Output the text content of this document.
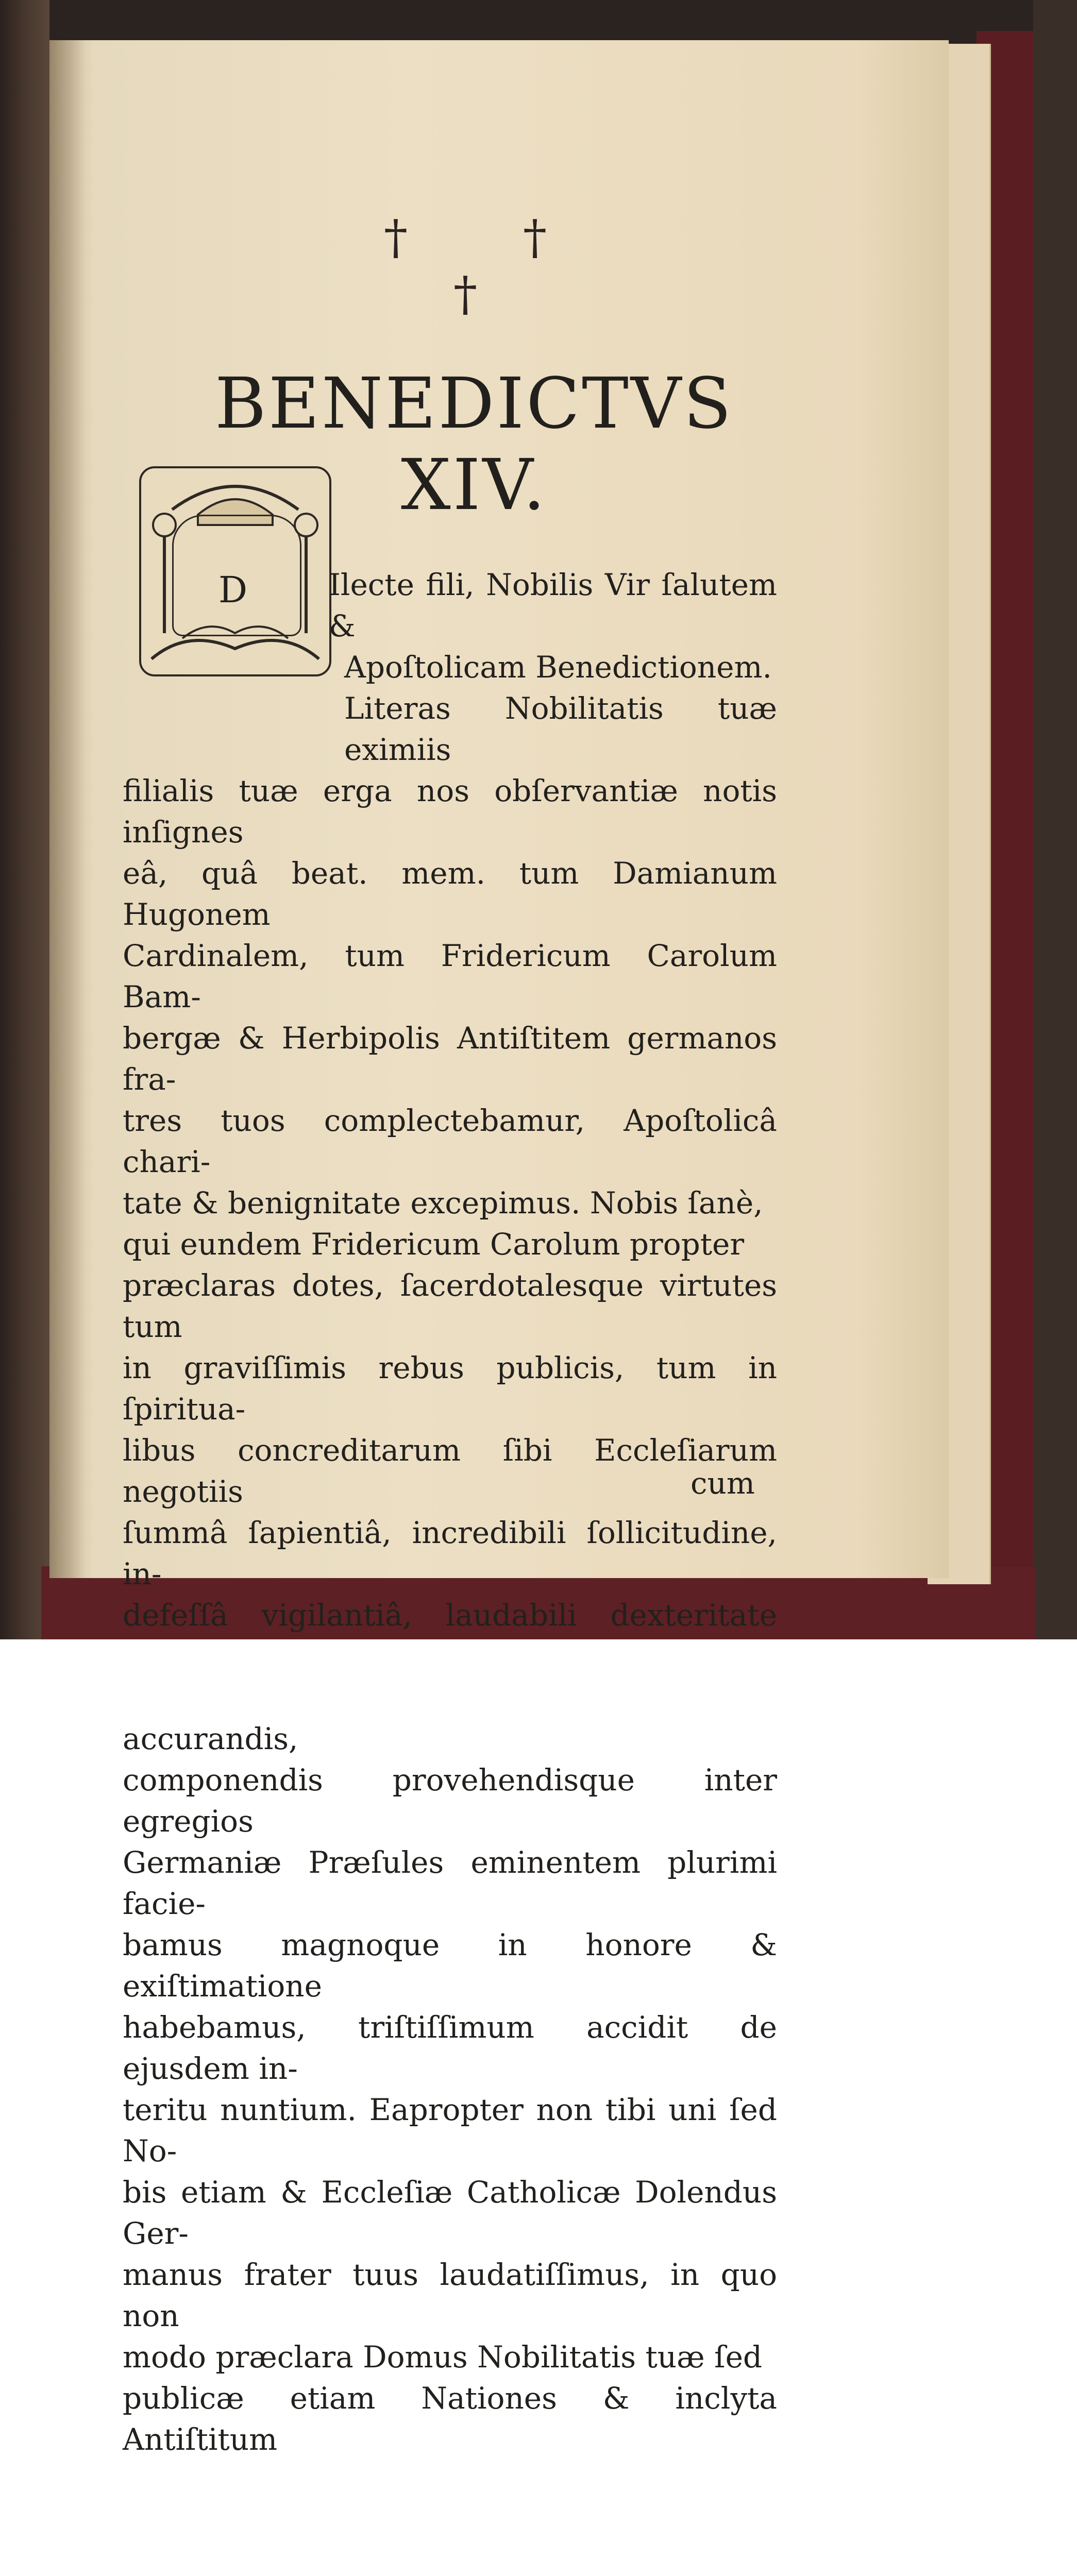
† †
†
BENEDICTVS XIV.
D	Ilecte fili, Nobilis Vir ſalutem &
Apoſtolicam Benedictionem.
Literas Nobilitatis tuæ eximiis
filialis tuæ erga nos obſervantiæ notis inſignes
eâ, quâ beat. mem. tum Damianum Hugonem
Cardinalem, tum Fridericum Carolum Bam-
bergæ & Herbipolis Antiſtitem germanos fra-
tres tuos complectebamur, Apoſtolicâ chari-
tate & benignitate excepimus. Nobis ſanè,
qui eundem Fridericum Carolum propter
præclaras dotes, ſacerdotalesque virtutes tum
in graviſſimis rebus publicis, tum in ſpiritua-
libus concreditarum ſibi Eccleſiarum negotiis
ſummâ ſapientiâ, incredibili ſollicitudine, in-
defeſſâ vigilantiâ, laudabili dexteritate
accurandis,
componendis provehendisque inter egregios
Germaniæ Præſules eminentem plurimi facie-
bamus magnoque in honore & exiſtimatione
habebamus, triſtiſſimum accidit de ejusdem in-
teritu nuntium. Eapropter non tibi uni ſed No-
bis etiam & Eccleſiæ Catholicæ Dolendus Ger-
manus frater tuus laudatiſſimus, in quo non
modo præclara Domus Nobilitatis tuæ ſed
publicæ etiam Nationes & inclyta Antiſtitum
cum
